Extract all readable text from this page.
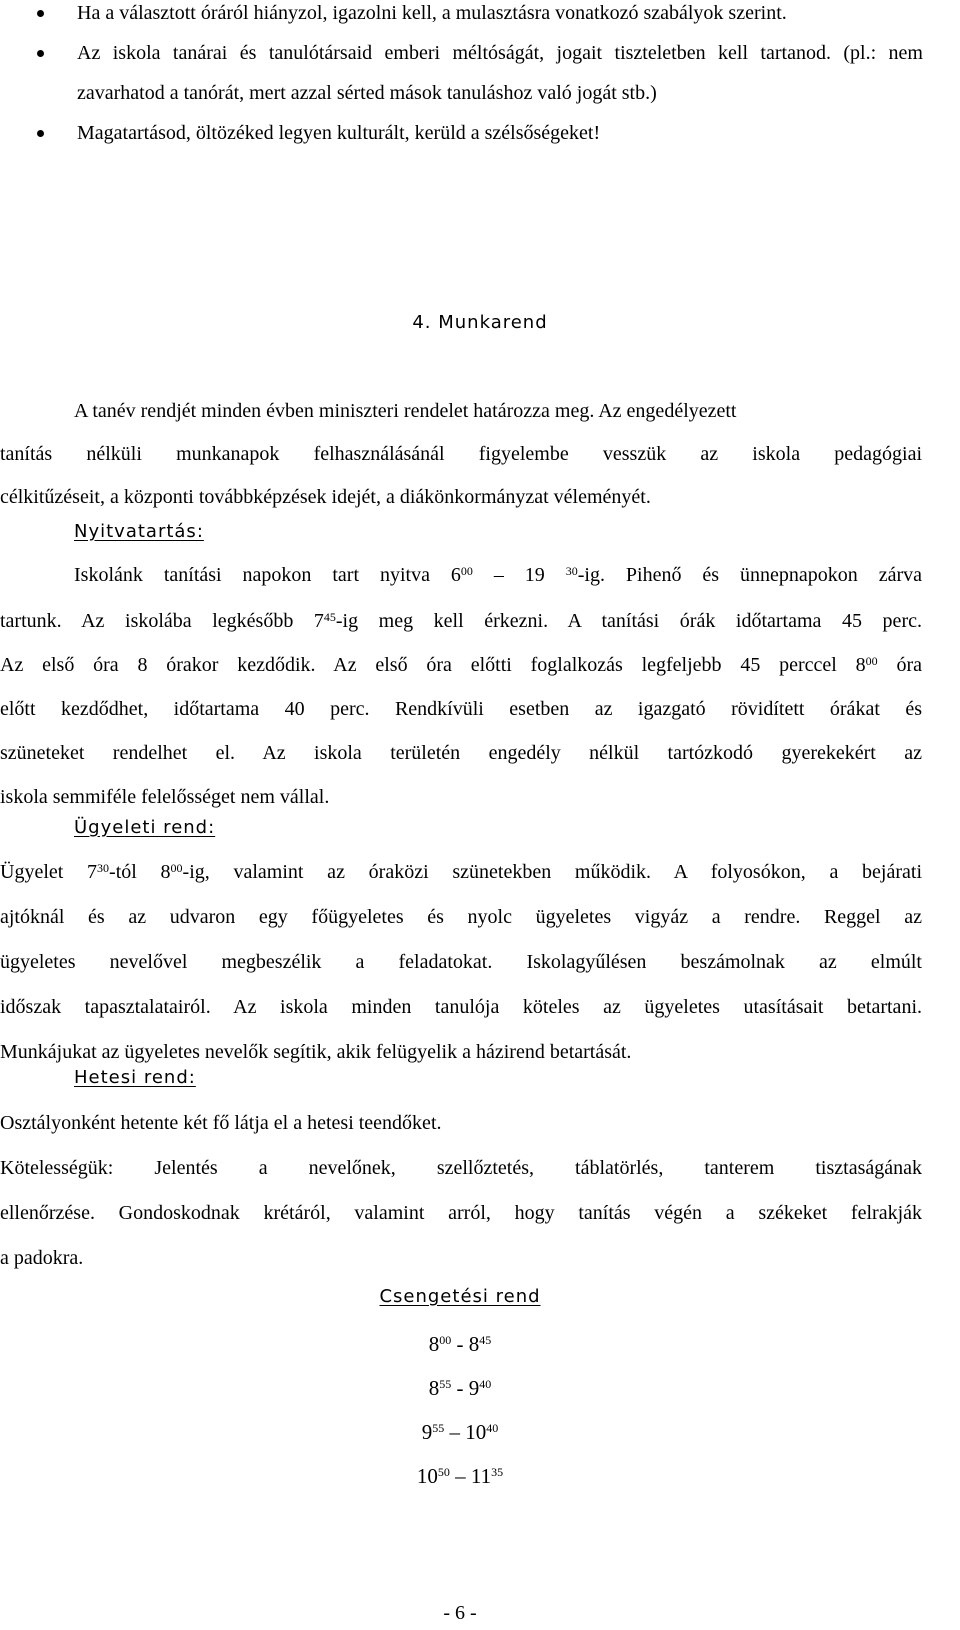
Ha a választott óráról hiányzol, igazolni kell, a mulasztásra vonatkozó szabályok szerint.
Az iskola tanárai és tanulótársaid emberi méltóságát, jogait tiszteletben kell tartanod. (pl.: nem zavarhatod a tanórát, mert azzal sérted mások tanuláshoz való jogát stb.)
Magatartásod, öltözéked legyen kulturált, kerüld a szélsőségeket!
4. Munkarend
A tanév rendjét minden évben miniszteri rendelet határozza meg. Az engedélyezett
tanítás nélküli munkanapok felhasználásánál figyelembe vesszük az iskola pedagógiai
célkitűzéseit, a központi továbbképzések idejét, a diákönkormányzat véleményét.
Nyitvatartás:
Iskolánk tanítási napokon tart nyitva $6^{00} - 19$ $^{30}$-ig. Pihenő és ünnepnapokon zárva
tartunk. Az iskolába legkésőbb $7^{45}-ig$ meg kell érkezni. A tanítási órák időtartama 45 perc.
Az első óra 8 órakor kezdődik. Az első óra előtti foglalkozás legfeljebb 45 perccel $8^{00}$ óra
előtt kezdődhet, időtartama 40 perc. Rendkívüli esetben az igazgató rövidített órákat és
szüneteket rendelhet el. Az iskola területén engedély nélkül tartózkodó gyerekekért az
iskola semmiféle felelősséget nem vállal.
Ügyeleti rend:
Ügyelet $7^{30}$-tól $8^{00}-ig$, valamint az óraközi szünetekben működik. A folyosókon, a bejárati
ajtóknál és az udvaron egy főügyeletes és nyolc ügyeletes vigyáz a rendre. Reggel az
ügyeletes nevelővel megbeszélik a feladatokat. Iskolagyűlésen beszámolnak az elmúlt
időszak tapasztalatairól. Az iskola minden tanulója köteles az ügyeletes utasításait betartani.
Munkájukat az ügyeletes nevelők segítik, akik felügyelik a házirend betartását.
Hetesi rend:
Osztályonként hetente két fő látja el a hetesi teendőket.
Kötelességük: Jelentés a nevelőnek, szellőztetés, táblatörlés, tanterem tisztaságának
ellenőrzése. Gondoskodnak krétáról, valamint arról, hogy tanítás végén a székeket felrakják
a padokra.
Csengetési rend
$8^{00} - 8^{45}$
$8^{55} - 9^{40}$
$9^{55} - 10^{40}$
$10^{50} - 11^{35}$
- 6 -
